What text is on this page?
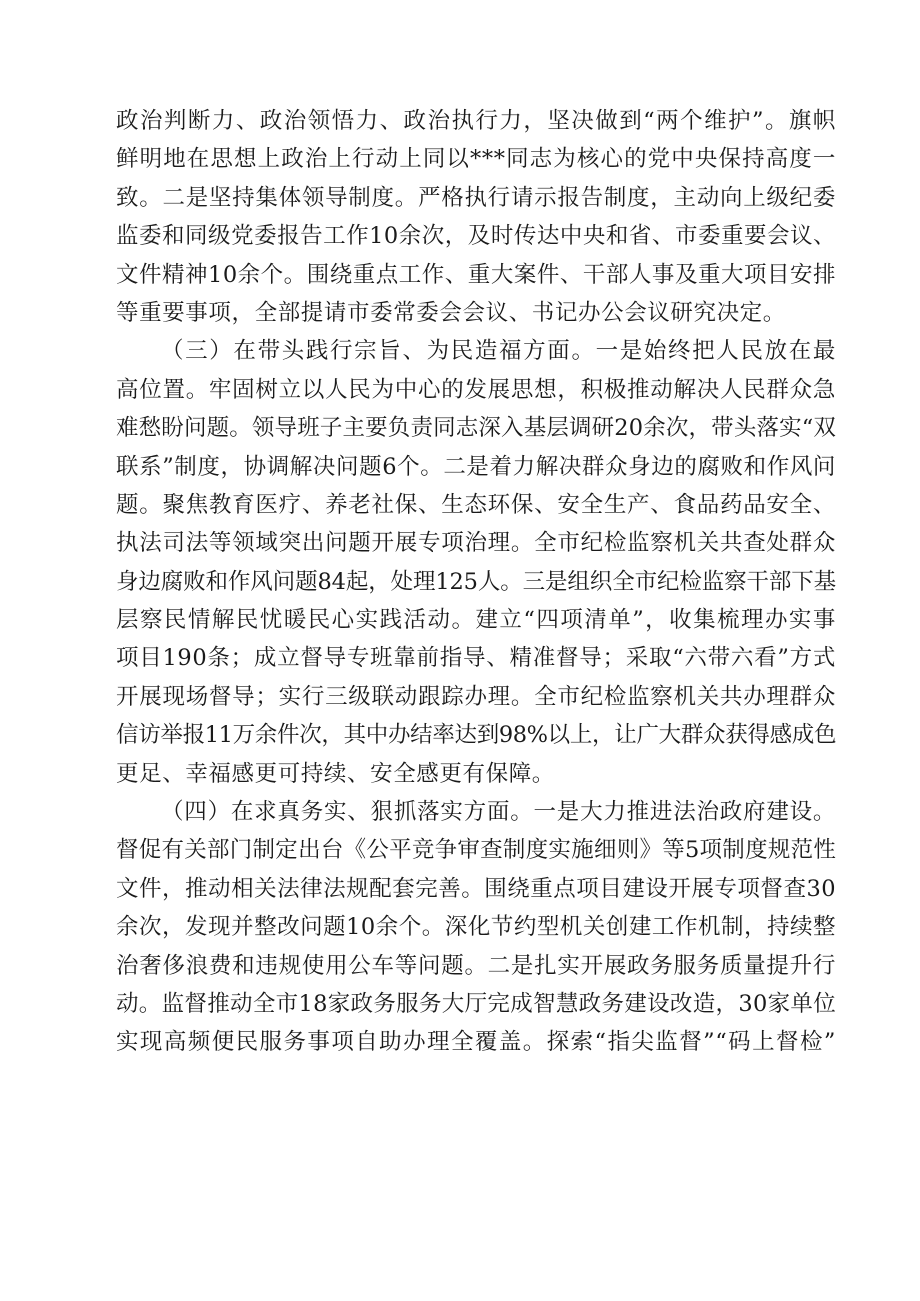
政治判断力、政治领悟力、政治执行力，坚决做到“两个维护”。旗帜
鲜明地在思想上政治上行动上同以***同志为核心的党中央保持高度一
致。二是坚持集体领导制度。严格执行请示报告制度，主动向上级纪委
监委和同级党委报告工作10余次，及时传达中央和省、市委重要会议、
文件精神10余个。围绕重点工作、重大案件、干部人事及重大项目安排
等重要事项，全部提请市委常委会会议、书记办公会议研究决定。
（三）在带头践行宗旨、为民造福方面。一是始终把人民放在最
高位置。牢固树立以人民为中心的发展思想，积极推动解决人民群众急
难愁盼问题。领导班子主要负责同志深入基层调研20余次，带头落实“双
联系”制度，协调解决问题6个。二是着力解决群众身边的腐败和作风问
题。聚焦教育医疗、养老社保、生态环保、安全生产、食品药品安全、
执法司法等领域突出问题开展专项治理。全市纪检监察机关共查处群众
身边腐败和作风问题84起，处理125人。三是组织全市纪检监察干部下基
层察民情解民忧暖民心实践活动。建立“四项清单”，收集梳理办实事
项目190条；成立督导专班靠前指导、精准督导；采取“六带六看”方式
开展现场督导；实行三级联动跟踪办理。全市纪检监察机关共办理群众
信访举报11万余件次，其中办结率达到98%以上，让广大群众获得感成色
更足、幸福感更可持续、安全感更有保障。
（四）在求真务实、狠抓落实方面。一是大力推进法治政府建设。
督促有关部门制定出台《公平竞争审查制度实施细则》等5项制度规范性
文件，推动相关法律法规配套完善。围绕重点项目建设开展专项督查30
余次，发现并整改问题10余个。深化节约型机关创建工作机制，持续整
治奢侈浪费和违规使用公车等问题。二是扎实开展政务服务质量提升行
动。监督推动全市18家政务服务大厅完成智慧政务建设改造，30家单位
实现高频便民服务事项自助办理全覆盖。探索“指尖监督”“码上督检”
